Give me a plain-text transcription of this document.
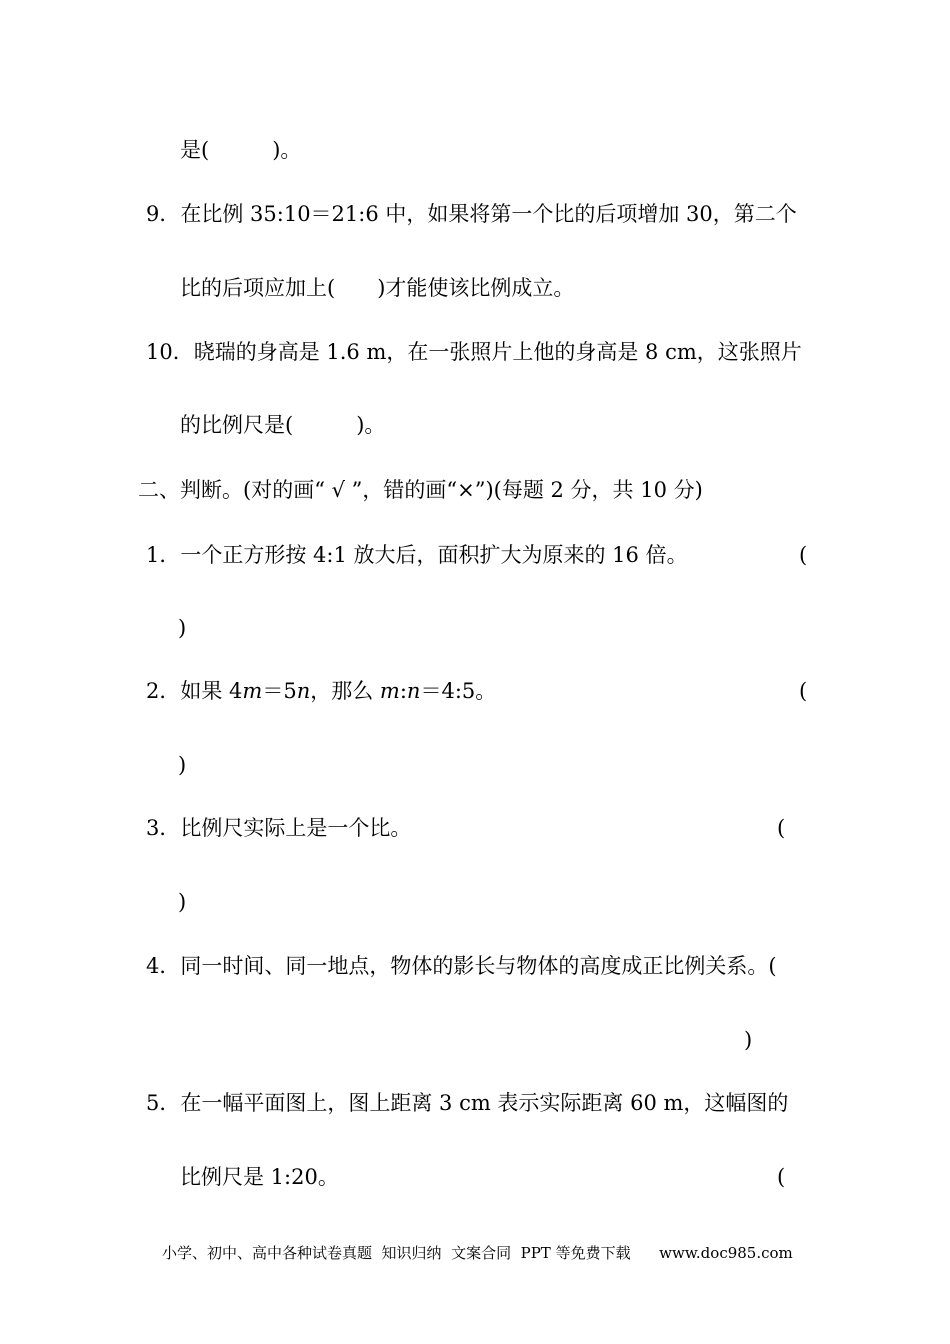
是(　　　)。
9．在比例 35:10＝21:6 中，如果将第一个比的后项增加 30，第二个
比的后项应加上(　　)才能使该比例成立。
10．晓瑞的身高是 1.6 m，在一张照片上他的身高是 8 cm，这张照片
的比例尺是(　　　)。
二、判断。(对的画“ √ ”，错的画“×”)(每题 2 分，共 10 分)
1．一个正方形按 4:1 放大后，面积扩大为原来的 16 倍。	(
)
2．如果 4m＝5n，那么 m:n＝4:5。	(
)
3．比例尺实际上是一个比。	(
)
4．同一时间、同一地点，物体的影长与物体的高度成正比例关系。(
)
5．在一幅平面图上，图上距离 3 cm 表示实际距离 60 m，这幅图的
比例尺是 1:20。	(
小学、初中、高中各种试卷真题  知识归纳  文案合同  PPT 等免费下载      www.doc985.com
